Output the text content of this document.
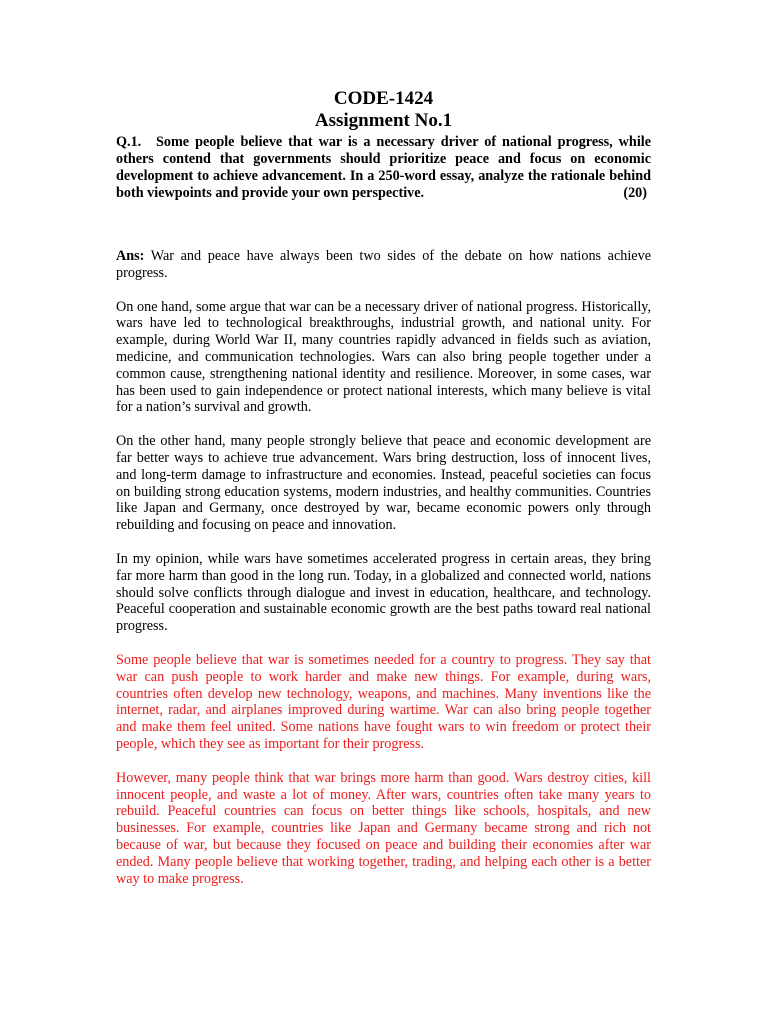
CODE-1424
Assignment No.1
Q.1. Some people believe that war is a necessary driver of national progress, while others contend that governments should prioritize peace and focus on economic development to achieve advancement. In a 250-word essay, analyze the rationale behind both viewpoints and provide your own perspective.	(20)

Ans: War and peace have always been two sides of the debate on how nations achieve progress.

On one hand, some argue that war can be a necessary driver of national progress. Historically, wars have led to technological breakthroughs, industrial growth, and national unity. For example, during World War II, many countries rapidly advanced in fields such as aviation, medicine, and communication technologies. Wars can also bring people together under a common cause, strengthening national identity and resilience. Moreover, in some cases, war has been used to gain independence or protect national interests, which many believe is vital for a nation’s survival and growth.

On the other hand, many people strongly believe that peace and economic development are far better ways to achieve true advancement. Wars bring destruction, loss of innocent lives, and long-term damage to infrastructure and economies. Instead, peaceful societies can focus on building strong education systems, modern industries, and healthy communities. Countries like Japan and Germany, once destroyed by war, became economic powers only through rebuilding and focusing on peace and innovation.

In my opinion, while wars have sometimes accelerated progress in certain areas, they bring far more harm than good in the long run. Today, in a globalized and connected world, nations should solve conflicts through dialogue and invest in education, healthcare, and technology. Peaceful cooperation and sustainable economic growth are the best paths toward real national progress.

Some people believe that war is sometimes needed for a country to progress. They say that war can push people to work harder and make new things. For example, during wars, countries often develop new technology, weapons, and machines. Many inventions like the internet, radar, and airplanes improved during wartime. War can also bring people together and make them feel united. Some nations have fought wars to win freedom or protect their people, which they see as important for their progress.

However, many people think that war brings more harm than good. Wars destroy cities, kill innocent people, and waste a lot of money. After wars, countries often take many years to rebuild. Peaceful countries can focus on better things like schools, hospitals, and new businesses. For example, countries like Japan and Germany became strong and rich not because of war, but because they focused on peace and building their economies after war ended. Many people believe that working together, trading, and helping each other is a better way to make progress.
